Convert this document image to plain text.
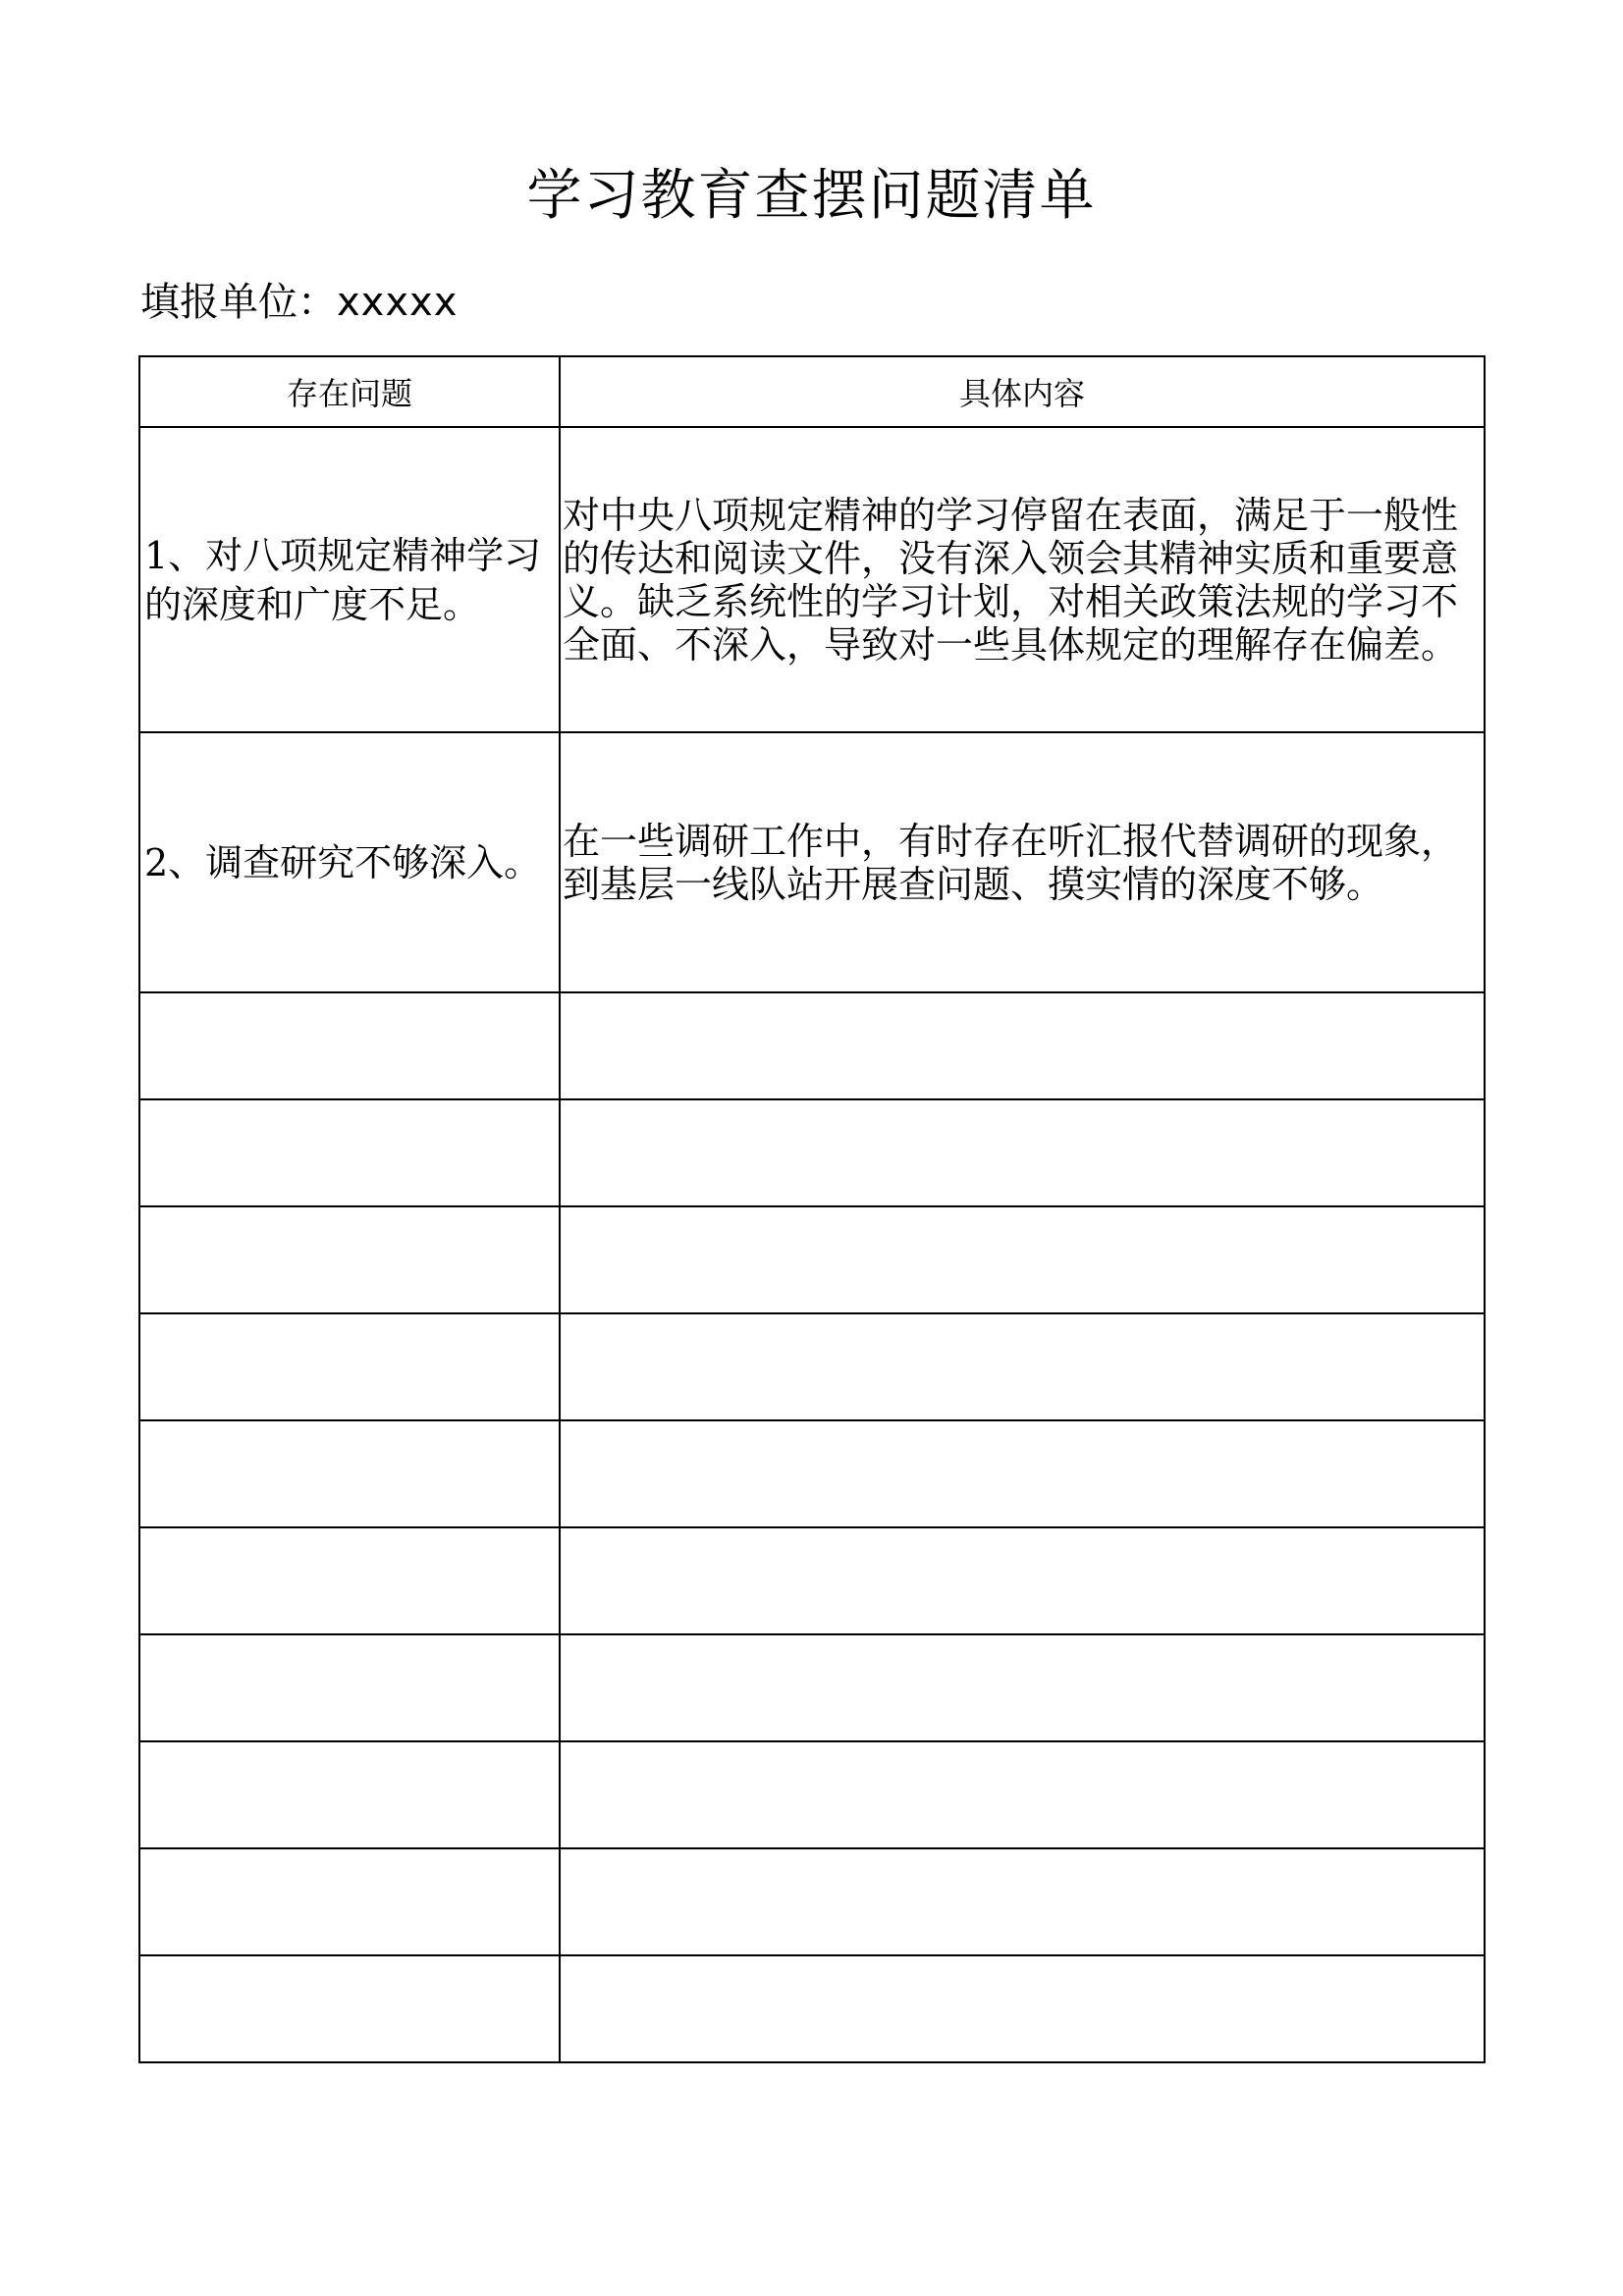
学习教育查摆问题清单
填报单位：xxxxx
存在问题	具体内容
1、对八项规定精神学习的深度和广度不足。	对中央八项规定精神的学习停留在表面，满足于一般性的传达和阅读文件，没有深入领会其精神实质和重要意义。缺乏系统性的学习计划，对相关政策法规的学习不全面、不深入，导致对一些具体规定的理解存在偏差。
2、调查研究不够深入。	在一些调研工作中，有时存在听汇报代替调研的现象，到基层一线队站开展查问题、摸实情的深度不够。
